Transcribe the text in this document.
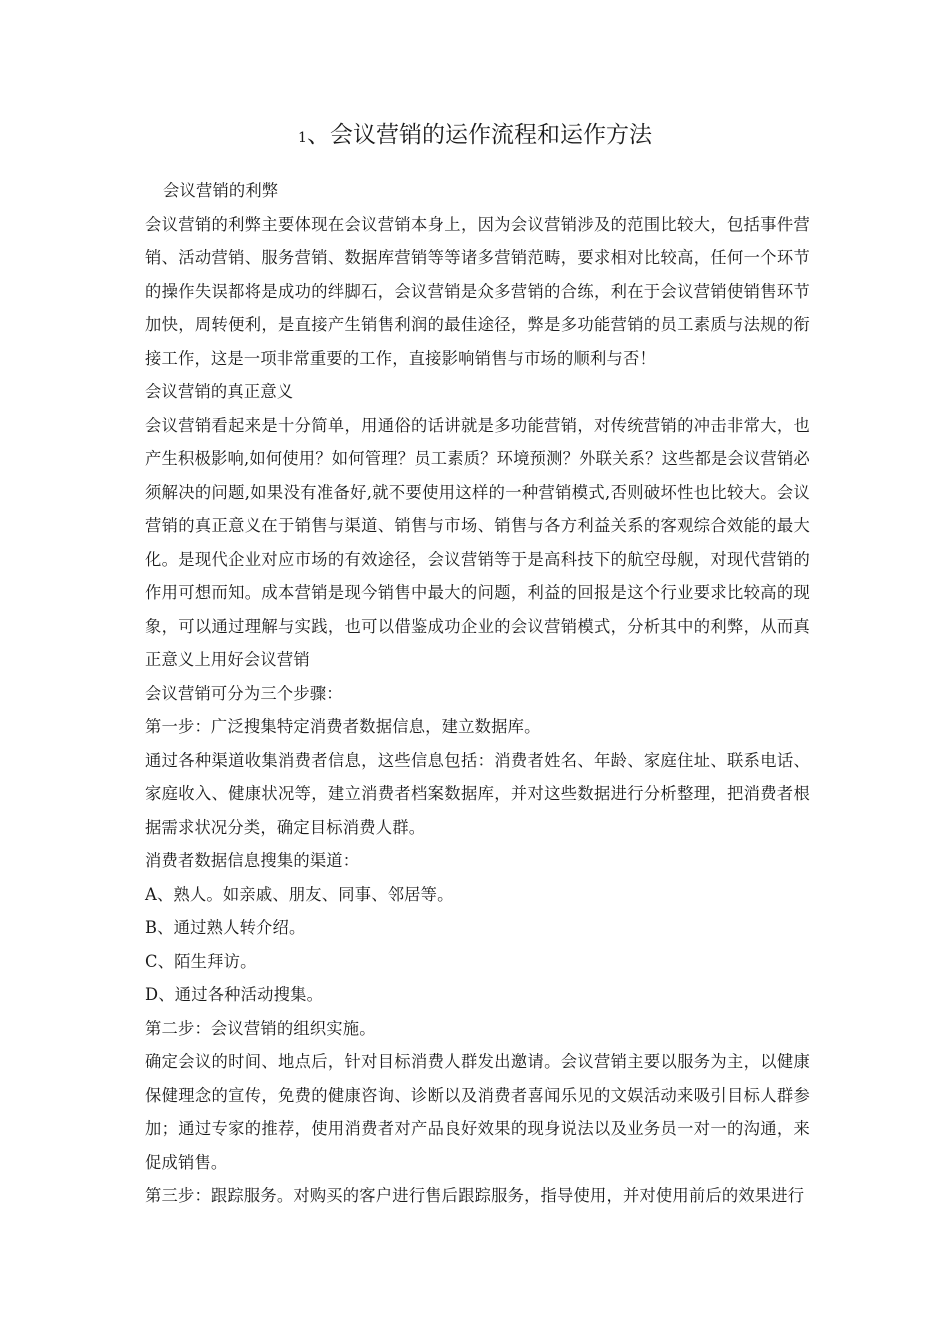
1、会议营销的运作流程和运作方法

会议营销的利弊

会议营销的利弊主要体现在会议营销本身上，因为会议营销涉及的范围比较大，包括事件营销、活动营销、服务营销、数据库营销等等诸多营销范畴，要求相对比较高，任何一个环节的操作失误都将是成功的绊脚石，会议营销是众多营销的合练，利在于会议营销使销售环节加快，周转便利，是直接产生销售利润的最佳途径，弊是多功能营销的员工素质与法规的衔接工作，这是一项非常重要的工作，直接影响销售与市场的顺利与否！

会议营销的真正意义

会议营销看起来是十分简单，用通俗的话讲就是多功能营销，对传统营销的冲击非常大，也产生积极影响,如何使用？如何管理？员工素质？环境预测？外联关系？这些都是会议营销必须解决的问题,如果没有准备好,就不要使用这样的一种营销模式,否则破坏性也比较大。会议营销的真正意义在于销售与渠道、销售与市场、销售与各方利益关系的客观综合效能的最大化。是现代企业对应市场的有效途径，会议营销等于是高科技下的航空母舰，对现代营销的作用可想而知。成本营销是现今销售中最大的问题，利益的回报是这个行业要求比较高的现象，可以通过理解与实践，也可以借鉴成功企业的会议营销模式，分析其中的利弊，从而真正意义上用好会议营销

会议营销可分为三个步骤：

第一步：广泛搜集特定消费者数据信息，建立数据库。

通过各种渠道收集消费者信息，这些信息包括：消费者姓名、年龄、家庭住址、联系电话、家庭收入、健康状况等，建立消费者档案数据库，并对这些数据进行分析整理，把消费者根据需求状况分类，确定目标消费人群。

消费者数据信息搜集的渠道：

A、熟人。如亲戚、朋友、同事、邻居等。

B、通过熟人转介绍。

C、陌生拜访。

D、通过各种活动搜集。

第二步：会议营销的组织实施。

确定会议的时间、地点后，针对目标消费人群发出邀请。会议营销主要以服务为主，以健康保健理念的宣传，免费的健康咨询、诊断以及消费者喜闻乐见的文娱活动来吸引目标人群参加；通过专家的推荐，使用消费者对产品良好效果的现身说法以及业务员一对一的沟通，来促成销售。

第三步：跟踪服务。对购买的客户进行售后跟踪服务，指导使用，并对使用前后的效果进行
